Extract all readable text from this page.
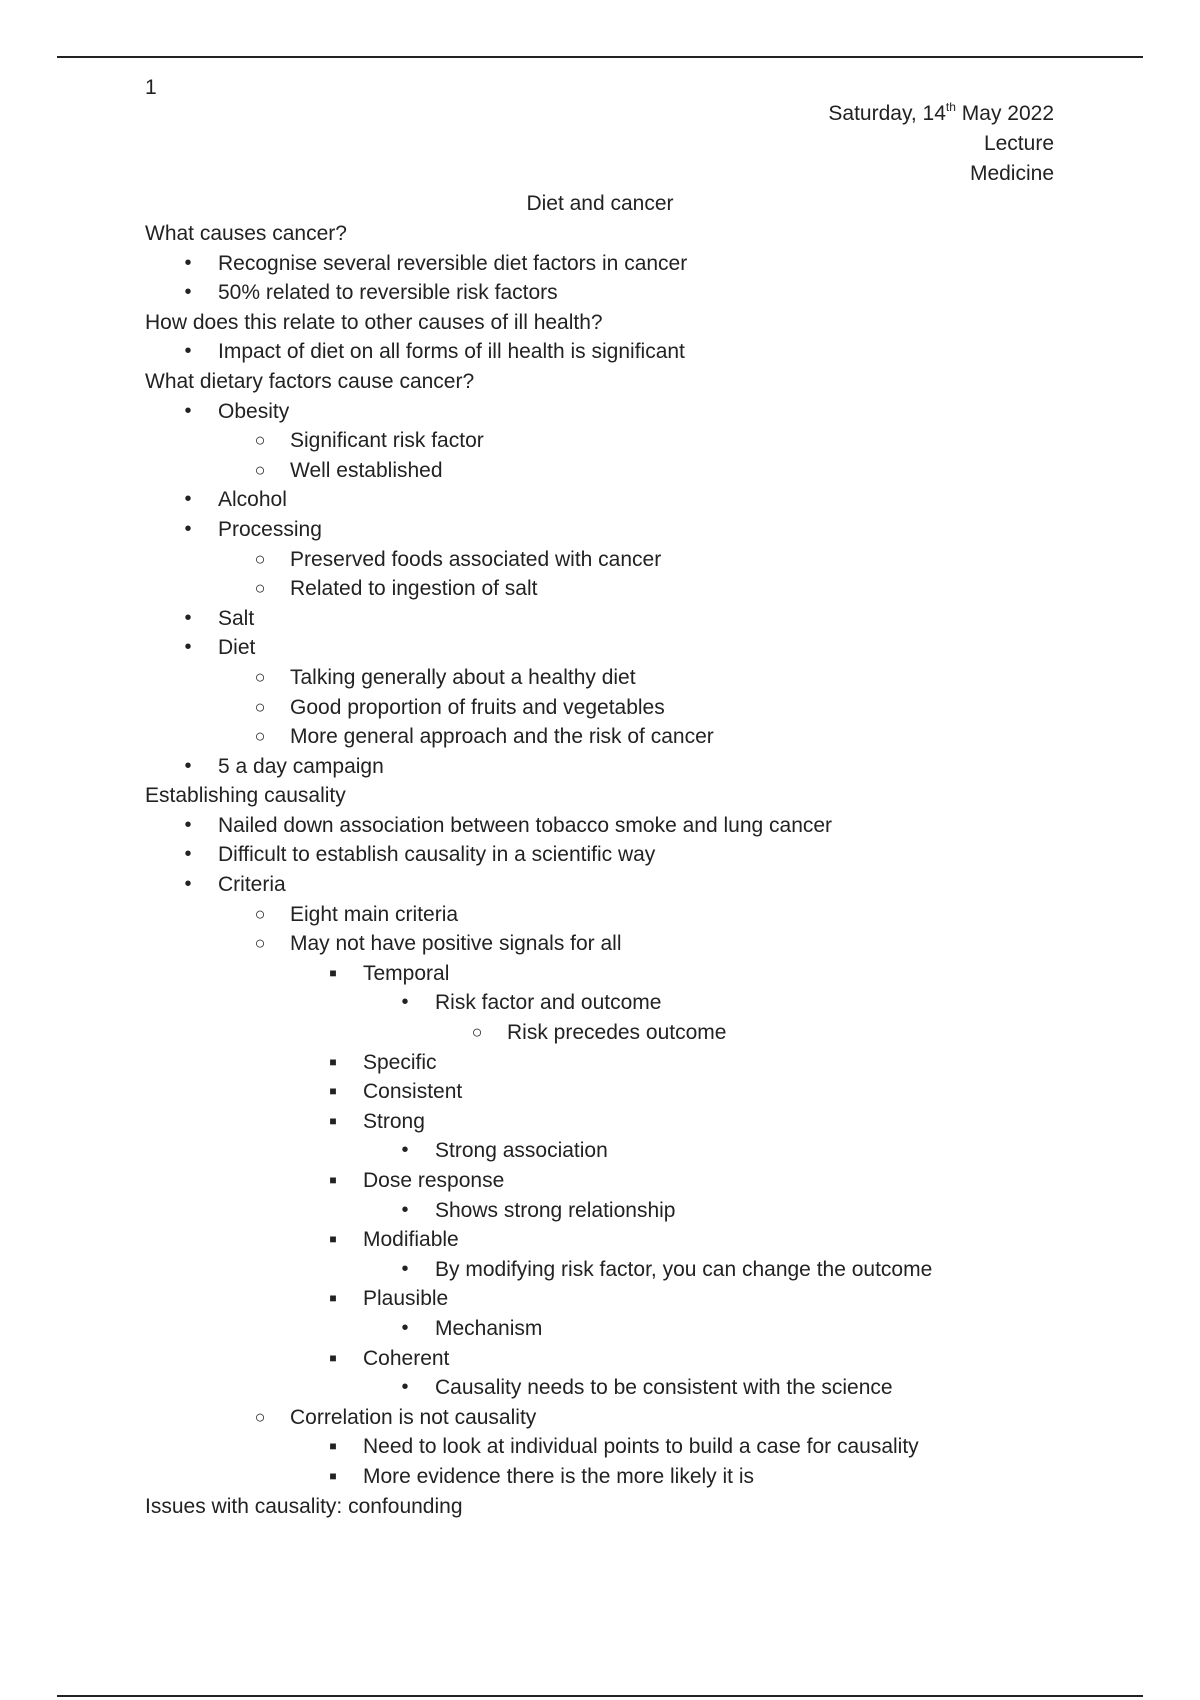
1
Saturday, 14th May 2022
Lecture
Medicine
Diet and cancer
What causes cancer?
•	Recognise several reversible diet factors in cancer
•	50% related to reversible risk factors
How does this relate to other causes of ill health?
•	Impact of diet on all forms of ill health is significant
What dietary factors cause cancer?
•	Obesity
○ Significant risk factor
○ Well established
•	Alcohol
•	Processing
○ Preserved foods associated with cancer
○ Related to ingestion of salt
•	Salt
•	Diet
○ Talking generally about a healthy diet
○ Good proportion of fruits and vegetables
○ More general approach and the risk of cancer
•	5 a day campaign
Establishing causality
•	Nailed down association between tobacco smoke and lung cancer
•	Difficult to establish causality in a scientific way
•	Criteria
○ Eight main criteria
○ May not have positive signals for all
■	Temporal
•	Risk factor and outcome
○ Risk precedes outcome
■	Specific
■	Consistent
■	Strong
•	Strong association
■	Dose response
•	Shows strong relationship
■	Modifiable
•	By modifying risk factor, you can change the outcome
■	Plausible
•	Mechanism
■	Coherent
•	Causality needs to be consistent with the science
○ Correlation is not causality
■	Need to look at individual points to build a case for causality
■	More evidence there is the more likely it is
Issues with causality: confounding
